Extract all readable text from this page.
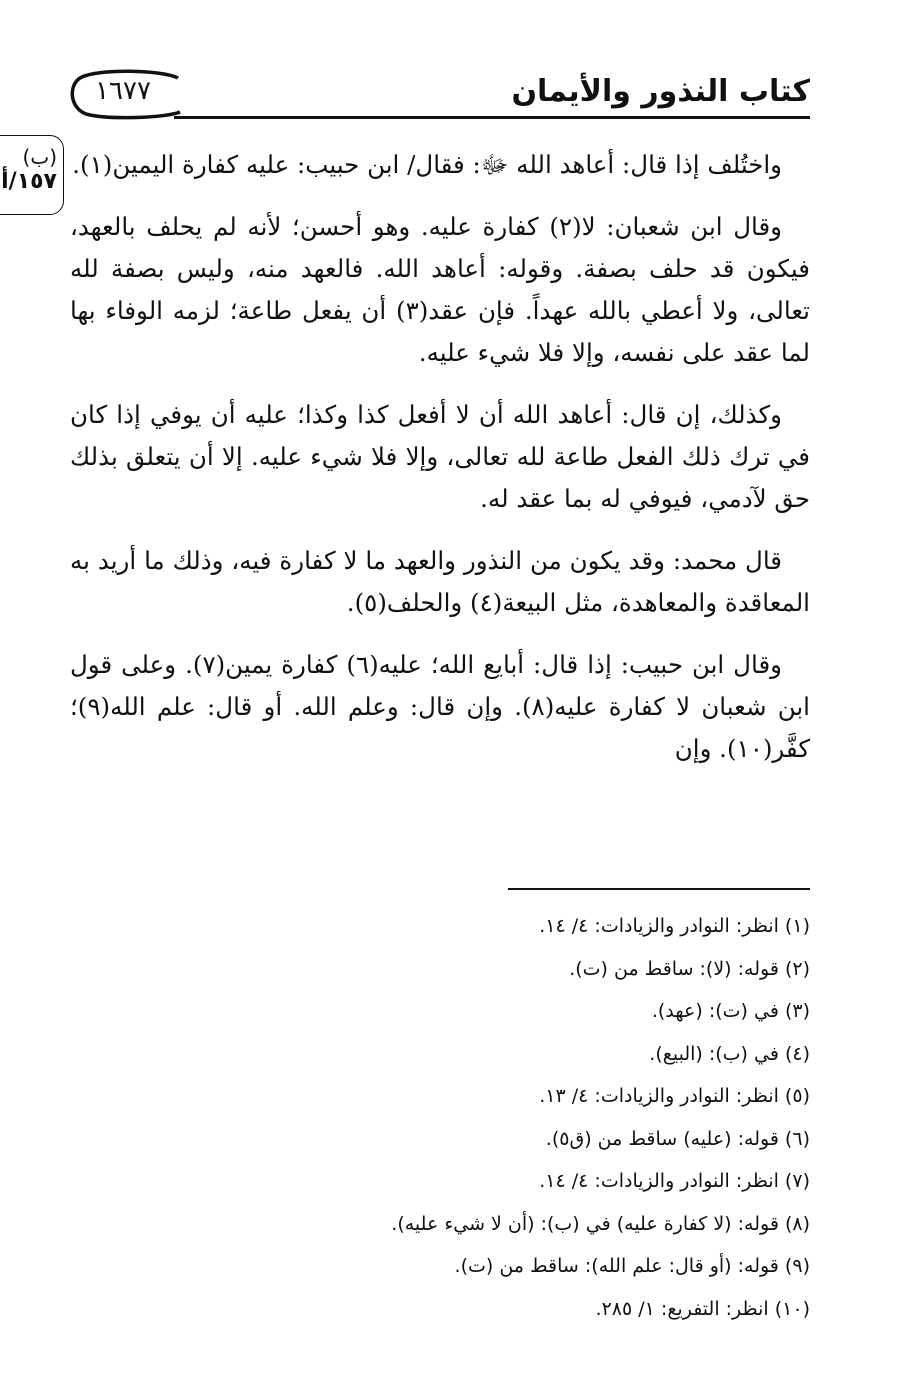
١٦٧٧	كتاب النذور والأيمان
(ب)
١٥٧/أ

واختُلف إذا قال: أعاهد الله ﷻ: فقال/ ابن حبيب: عليه كفارة اليمين(١).

وقال ابن شعبان: لا(٢) كفارة عليه. وهو أحسن؛ لأنه لم يحلف بالعهد، فيكون قد حلف بصفة. وقوله: أعاهد الله. فالعهد منه، وليس بصفة لله تعالى، ولا أعطي بالله عهداً. فإن عقد(٣) أن يفعل طاعة؛ لزمه الوفاء بها لما عقد على نفسه، وإلا فلا شيء عليه.

وكذلك، إن قال: أعاهد الله أن لا أفعل كذا وكذا؛ عليه أن يوفي إذا كان في ترك ذلك الفعل طاعة لله تعالى، وإلا فلا شيء عليه. إلا أن يتعلق بذلك حق لآدمي، فيوفي له بما عقد له.

قال محمد: وقد يكون من النذور والعهد ما لا كفارة فيه، وذلك ما أريد به المعاقدة والمعاهدة، مثل البيعة(٤) والحلف(٥).

وقال ابن حبيب: إذا قال: أبايع الله؛ عليه(٦) كفارة يمين(٧). وعلى قول ابن شعبان لا كفارة عليه(٨). وإن قال: وعلم الله. أو قال: علم الله(٩)؛ كفَّر(١٠). وإن

(١) انظر: النوادر والزيادات: ٤/ ١٤.
(٢) قوله: (لا): ساقط من (ت).
(٣) في (ت): (عهد).
(٤) في (ب): (البيع).
(٥) انظر: النوادر والزيادات: ٤/ ١٣.
(٦) قوله: (عليه) ساقط من (ق٥).
(٧) انظر: النوادر والزيادات: ٤/ ١٤.
(٨) قوله: (لا كفارة عليه) في (ب): (أن لا شيء عليه).
(٩) قوله: (أو قال: علم الله): ساقط من (ت).
(١٠) انظر: التفريع: ١/ ٢٨٥.
